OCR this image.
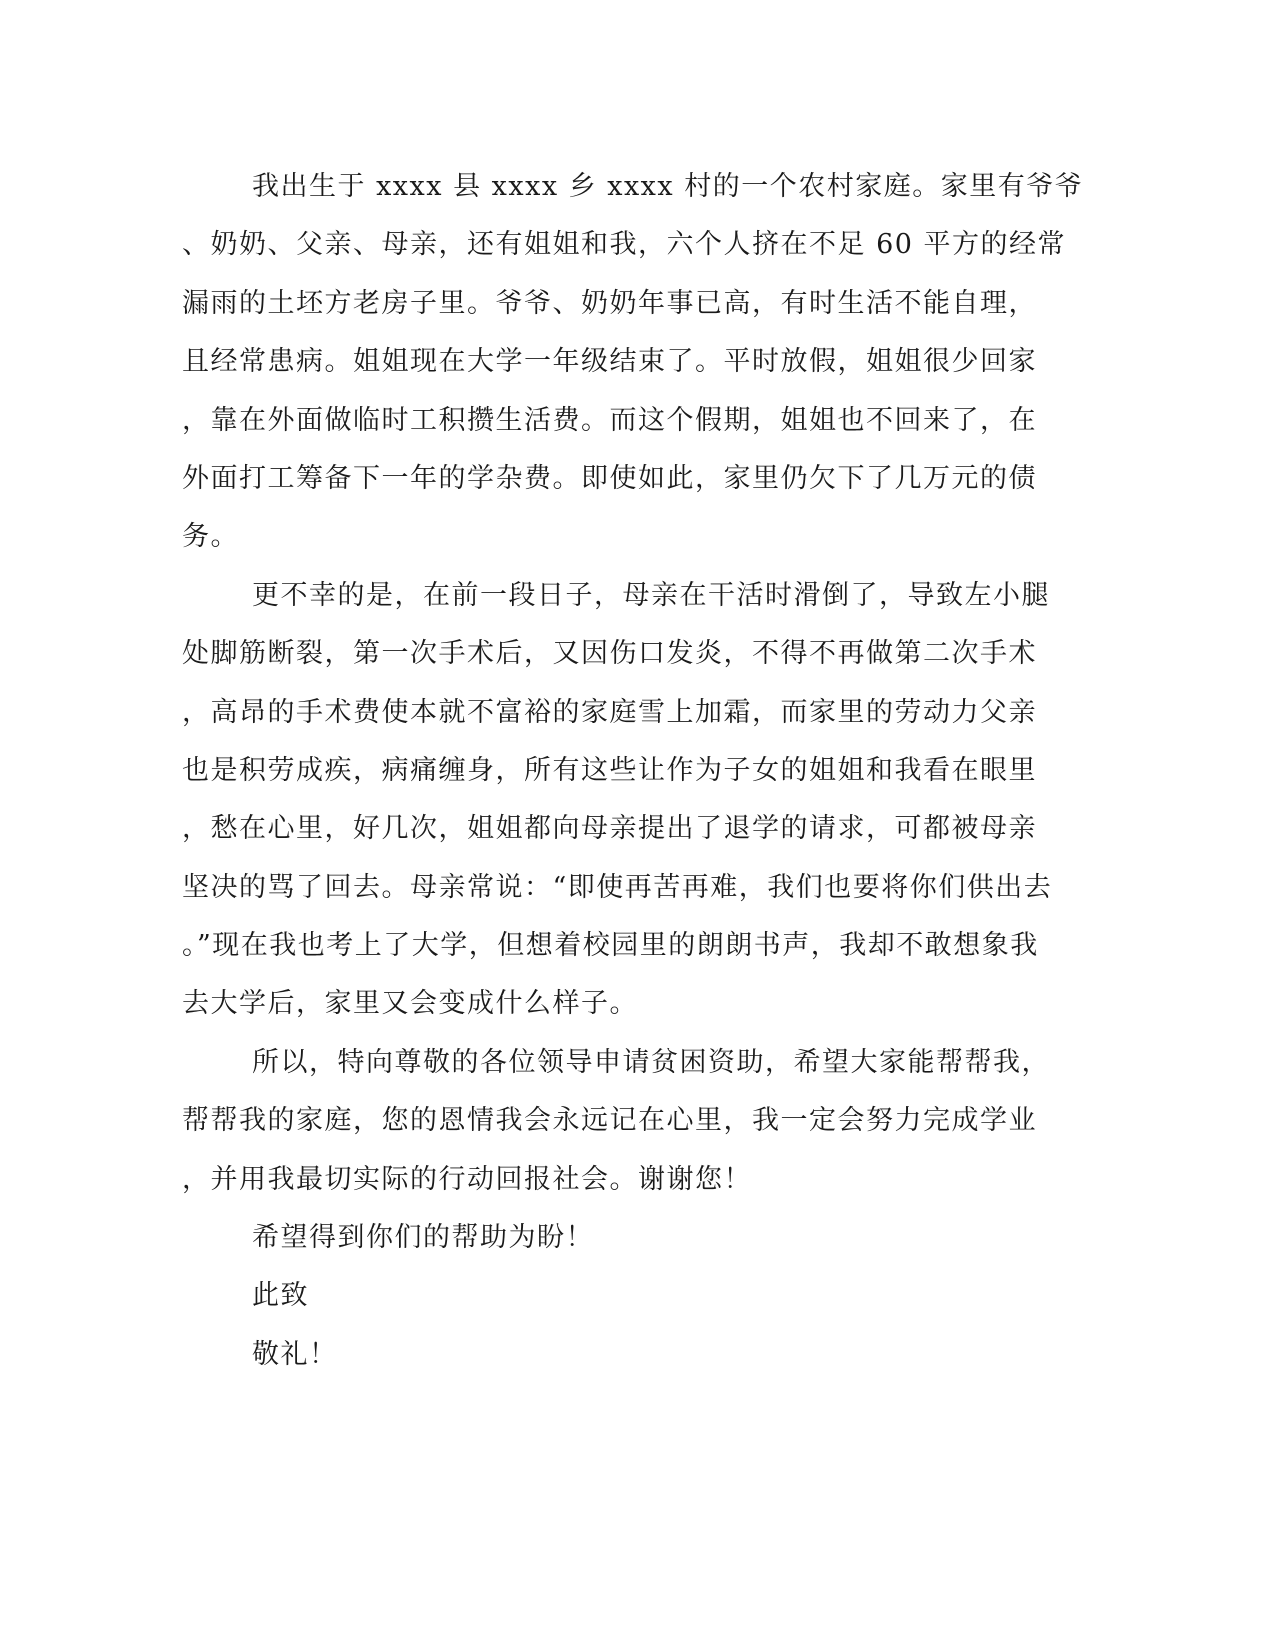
我出生于 xxxx 县 xxxx 乡 xxxx 村的一个农村家庭。家里有爷爷
、奶奶、父亲、母亲，还有姐姐和我，六个人挤在不足 60 平方的经常
漏雨的土坯方老房子里。爷爷、奶奶年事已高，有时生活不能自理，
且经常患病。姐姐现在大学一年级结束了。平时放假，姐姐很少回家
，靠在外面做临时工积攒生活费。而这个假期，姐姐也不回来了，在
外面打工筹备下一年的学杂费。即使如此，家里仍欠下了几万元的债
务。
更不幸的是，在前一段日子，母亲在干活时滑倒了，导致左小腿
处脚筋断裂，第一次手术后，又因伤口发炎，不得不再做第二次手术
，高昂的手术费使本就不富裕的家庭雪上加霜，而家里的劳动力父亲
也是积劳成疾，病痛缠身，所有这些让作为子女的姐姐和我看在眼里
，愁在心里，好几次，姐姐都向母亲提出了退学的请求，可都被母亲
坚决的骂了回去。母亲常说：“即使再苦再难，我们也要将你们供出去
。”现在我也考上了大学，但想着校园里的朗朗书声，我却不敢想象我
去大学后，家里又会变成什么样子。
所以，特向尊敬的各位领导申请贫困资助，希望大家能帮帮我，
帮帮我的家庭，您的恩情我会永远记在心里，我一定会努力完成学业
，并用我最切实际的行动回报社会。谢谢您！
希望得到你们的帮助为盼！
此致
敬礼！
